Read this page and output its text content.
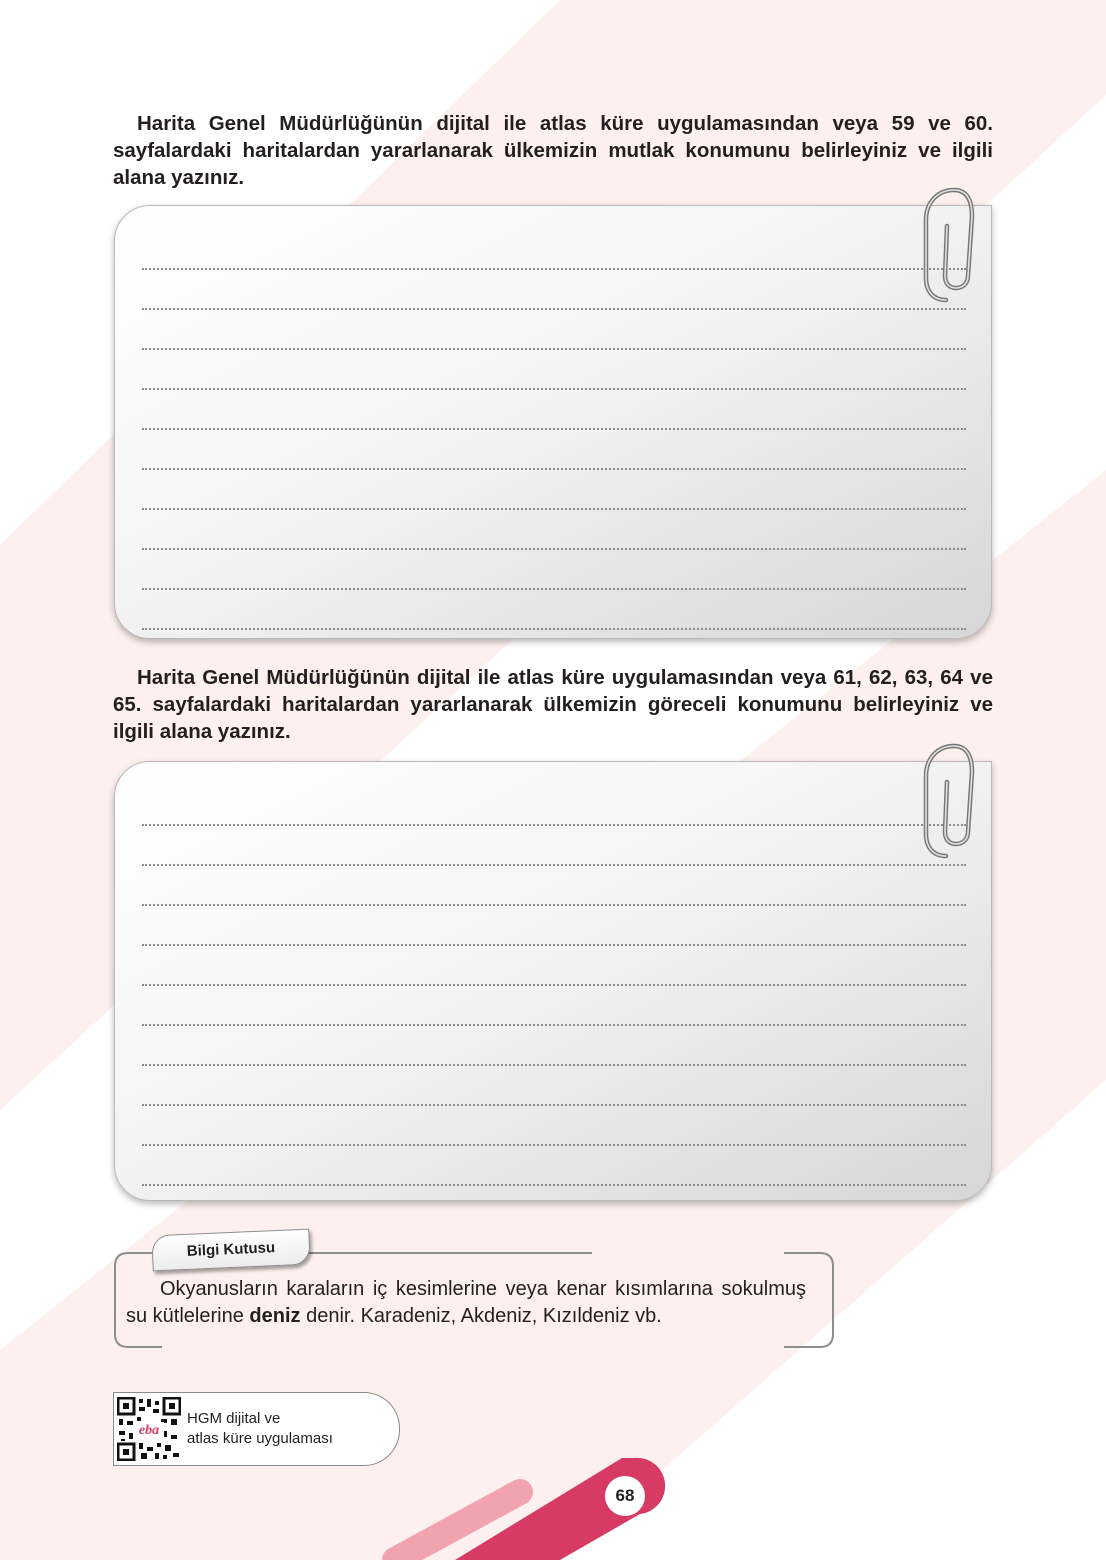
Harita Genel Müdürlüğünün dijital ile atlas küre uygulamasından veya 59 ve 60. sayfalardaki haritalardan yararlanarak ülkemizin mutlak konumunu belirleyiniz ve ilgili alana yazınız.

Harita Genel Müdürlüğünün dijital ile atlas küre uygulamasından veya 61, 62, 63, 64 ve 65. sayfalardaki haritalardan yararlanarak ülkemizin göreceli konumunu belirleyiniz ve ilgili alana yazınız.

Bilgi Kutusu

Okyanusların karaların iç kesimlerine veya kenar kısımlarına sokulmuş su kütlelerine deniz denir. Karadeniz, Akdeniz, Kızıldeniz vb.

eba
HGM dijital ve
atlas küre uygulaması
68
